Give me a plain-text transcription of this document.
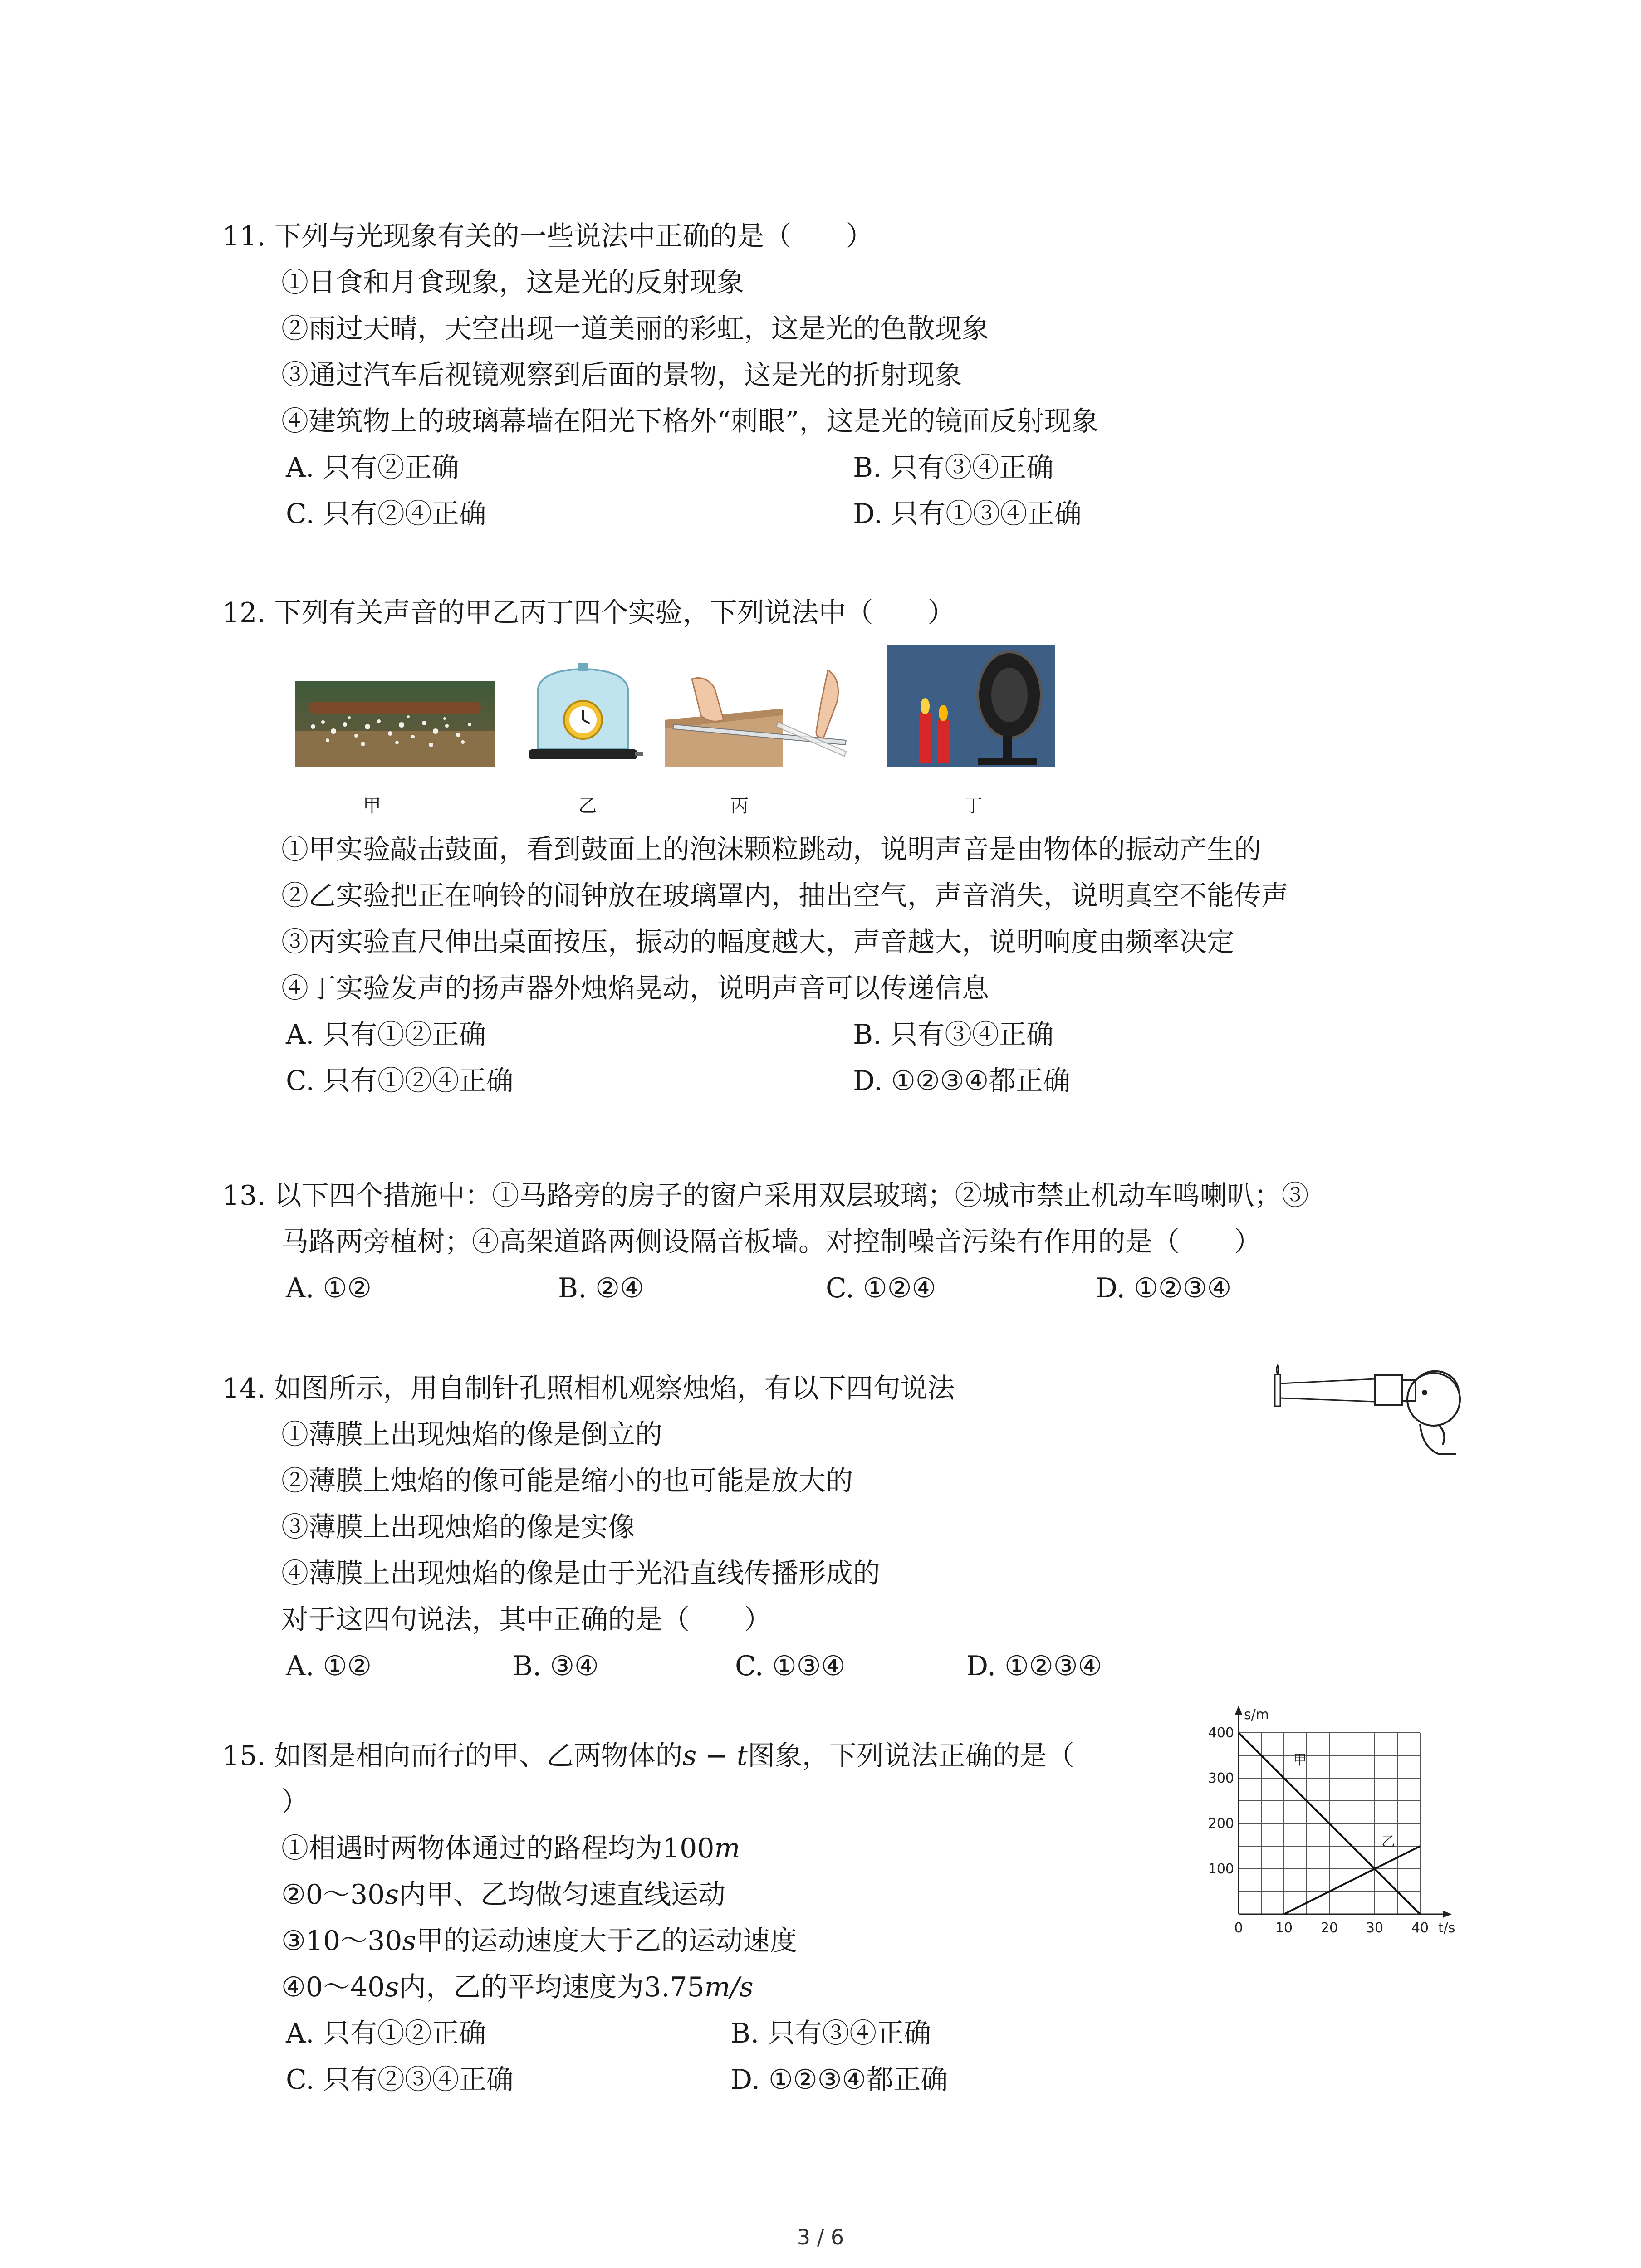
11. 下列与光现象有关的一些说法中正确的是（　　）
①日食和月食现象，这是光的反射现象
②雨过天晴，天空出现一道美丽的彩虹，这是光的色散现象
③通过汽车后视镜观察到后面的景物，这是光的折射现象
④建筑物上的玻璃幕墙在阳光下格外“刺眼”，这是光的镜面反射现象
A. 只有②正确	B. 只有③④正确
C. 只有②④正确	D. 只有①③④正确
12. 下列有关声音的甲乙丙丁四个实验，下列说法中（　　）
甲	乙	丙	丁
①甲实验敲击鼓面，看到鼓面上的泡沫颗粒跳动，说明声音是由物体的振动产生的
②乙实验把正在响铃的闹钟放在玻璃罩内，抽出空气，声音消失，说明真空不能传声
③丙实验直尺伸出桌面按压，振动的幅度越大，声音越大，说明响度由频率决定
④丁实验发声的扬声器外烛焰晃动，说明声音可以传递信息
A. 只有①②正确	B. 只有③④正确
C. 只有①②④正确	D. ①②③④都正确
13. 以下四个措施中：①马路旁的房子的窗户采用双层玻璃；②城市禁止机动车鸣喇叭；③
马路两旁植树；④高架道路两侧设隔音板墙。对控制噪音污染有作用的是（　　）
A. ①②	B. ②④	C. ①②④	D. ①②③④
14. 如图所示，用自制针孔照相机观察烛焰，有以下四句说法
①薄膜上出现烛焰的像是倒立的
②薄膜上烛焰的像可能是缩小的也可能是放大的
③薄膜上出现烛焰的像是实像
④薄膜上出现烛焰的像是由于光沿直线传播形成的
对于这四句说法，其中正确的是（　　）
A. ①②	B. ③④	C. ①③④	D. ①②③④
15. 如图是相向而行的甲、乙两物体的s − t图象，下列说法正确的是（
）
①相遇时两物体通过的路程均为100m
②0～30s内甲、乙均做匀速直线运动
③10～30s甲的运动速度大于乙的运动速度
④0～40s内，乙的平均速度为3.75m/s
A. 只有①②正确	B. 只有③④正确
C. 只有②③④正确	D. ①②③④都正确
0 10 20 30 40
100
200
300
400
甲
乙
s/m
t/s
3 / 6
